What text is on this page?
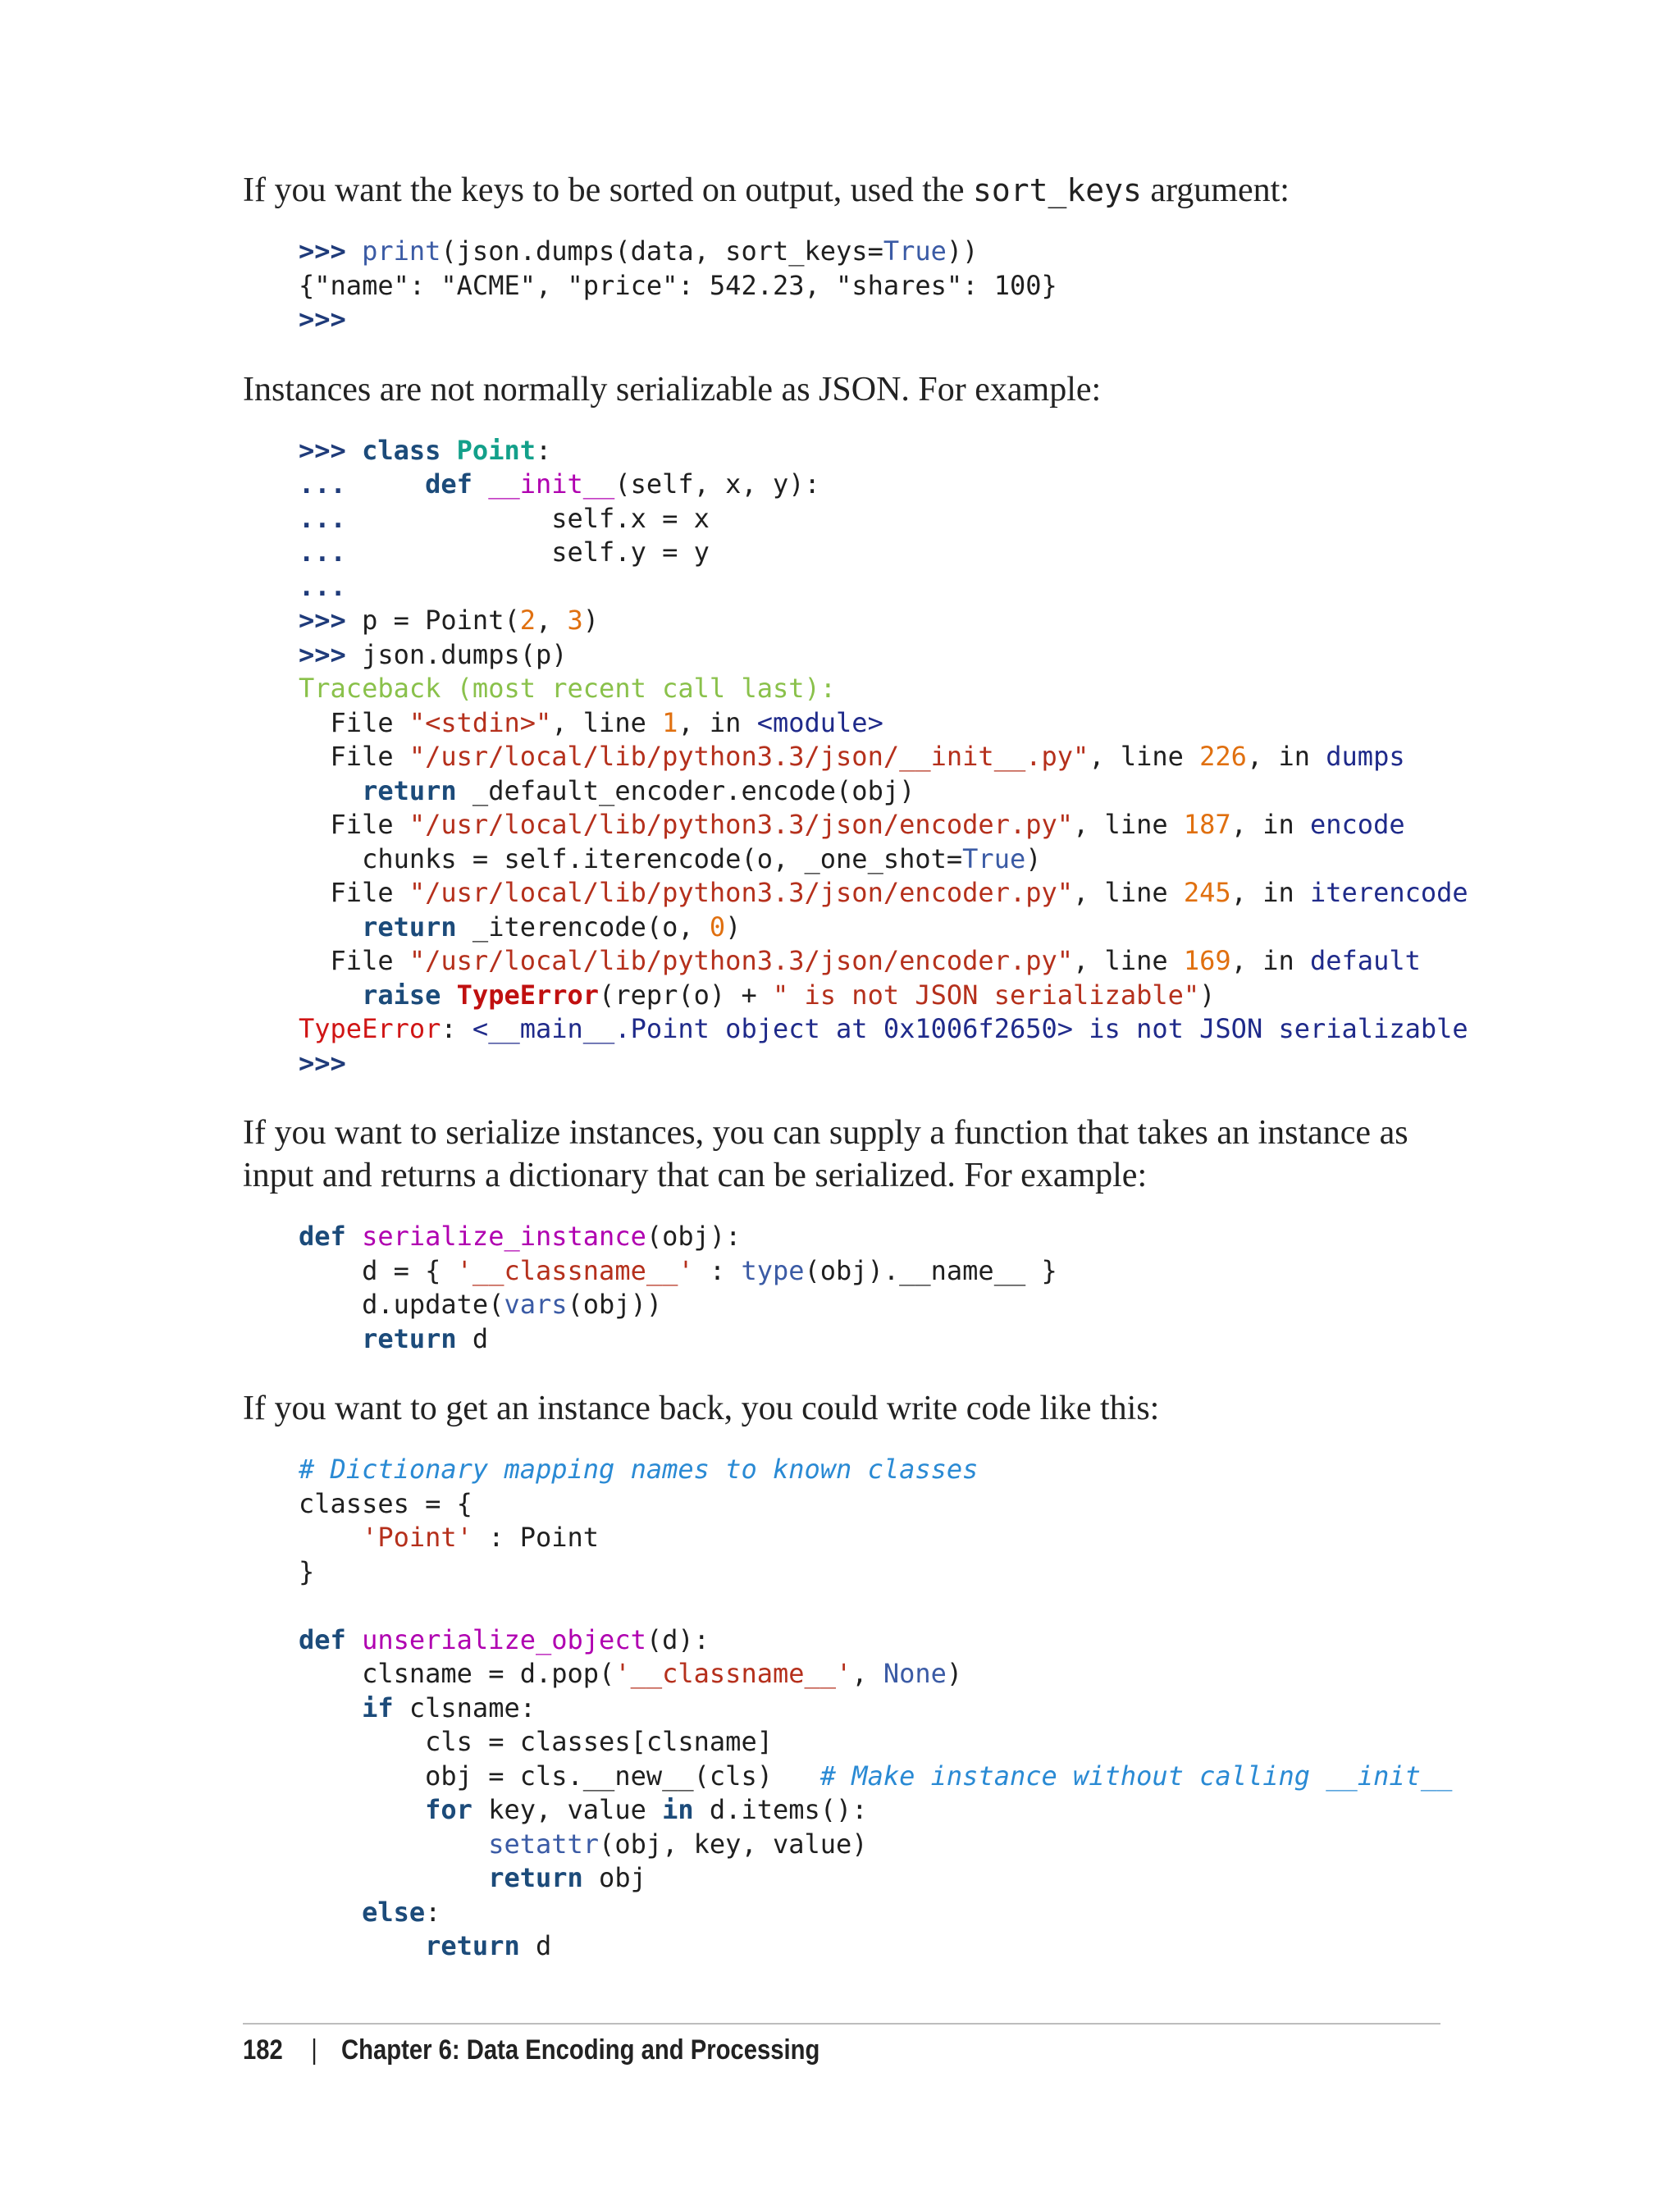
If you want the keys to be sorted on output, used the sort_keys argument:

>>> print(json.dumps(data, sort_keys=True))
{"name": "ACME", "price": 542.23, "shares": 100}
>>>

Instances are not normally serializable as JSON. For example:

>>> class Point:
...	def __init__(self, x, y):
...             self.x = x
...             self.y = y
...
>>> p = Point(2, 3)
>>> json.dumps(p)
Traceback (most recent call last):
File "<stdin>", line 1, in <module>
File "/usr/local/lib/python3.3/json/__init__.py", line 226, in dumps
return _default_encoder.encode(obj)
File "/usr/local/lib/python3.3/json/encoder.py", line 187, in encode
chunks = self.iterencode(o, _one_shot=True)
File "/usr/local/lib/python3.3/json/encoder.py", line 245, in iterencode
return _iterencode(o, 0)
File "/usr/local/lib/python3.3/json/encoder.py", line 169, in default
raise TypeError(repr(o) + " is not JSON serializable")
TypeError: <__main__.Point object at 0x1006f2650> is not JSON serializable
>>>

If you want to serialize instances, you can supply a function that takes an instance as
input and returns a dictionary that can be serialized. For example:

def serialize_instance(obj):
d = { '__classname__' : type(obj).__name__ }
d.update(vars(obj))
return d

If you want to get an instance back, you could write code like this:

# Dictionary mapping names to known classes
classes = {
'Point' : Point
}

def unserialize_object(d):
clsname = d.pop('__classname__', None)
if clsname:
cls = classes[clsname]
obj = cls.__new__(cls)   # Make instance without calling __init__
for key, value in d.items():
setattr(obj, key, value)
return obj
else:
return d
182 | Chapter 6: Data Encoding and Processing
